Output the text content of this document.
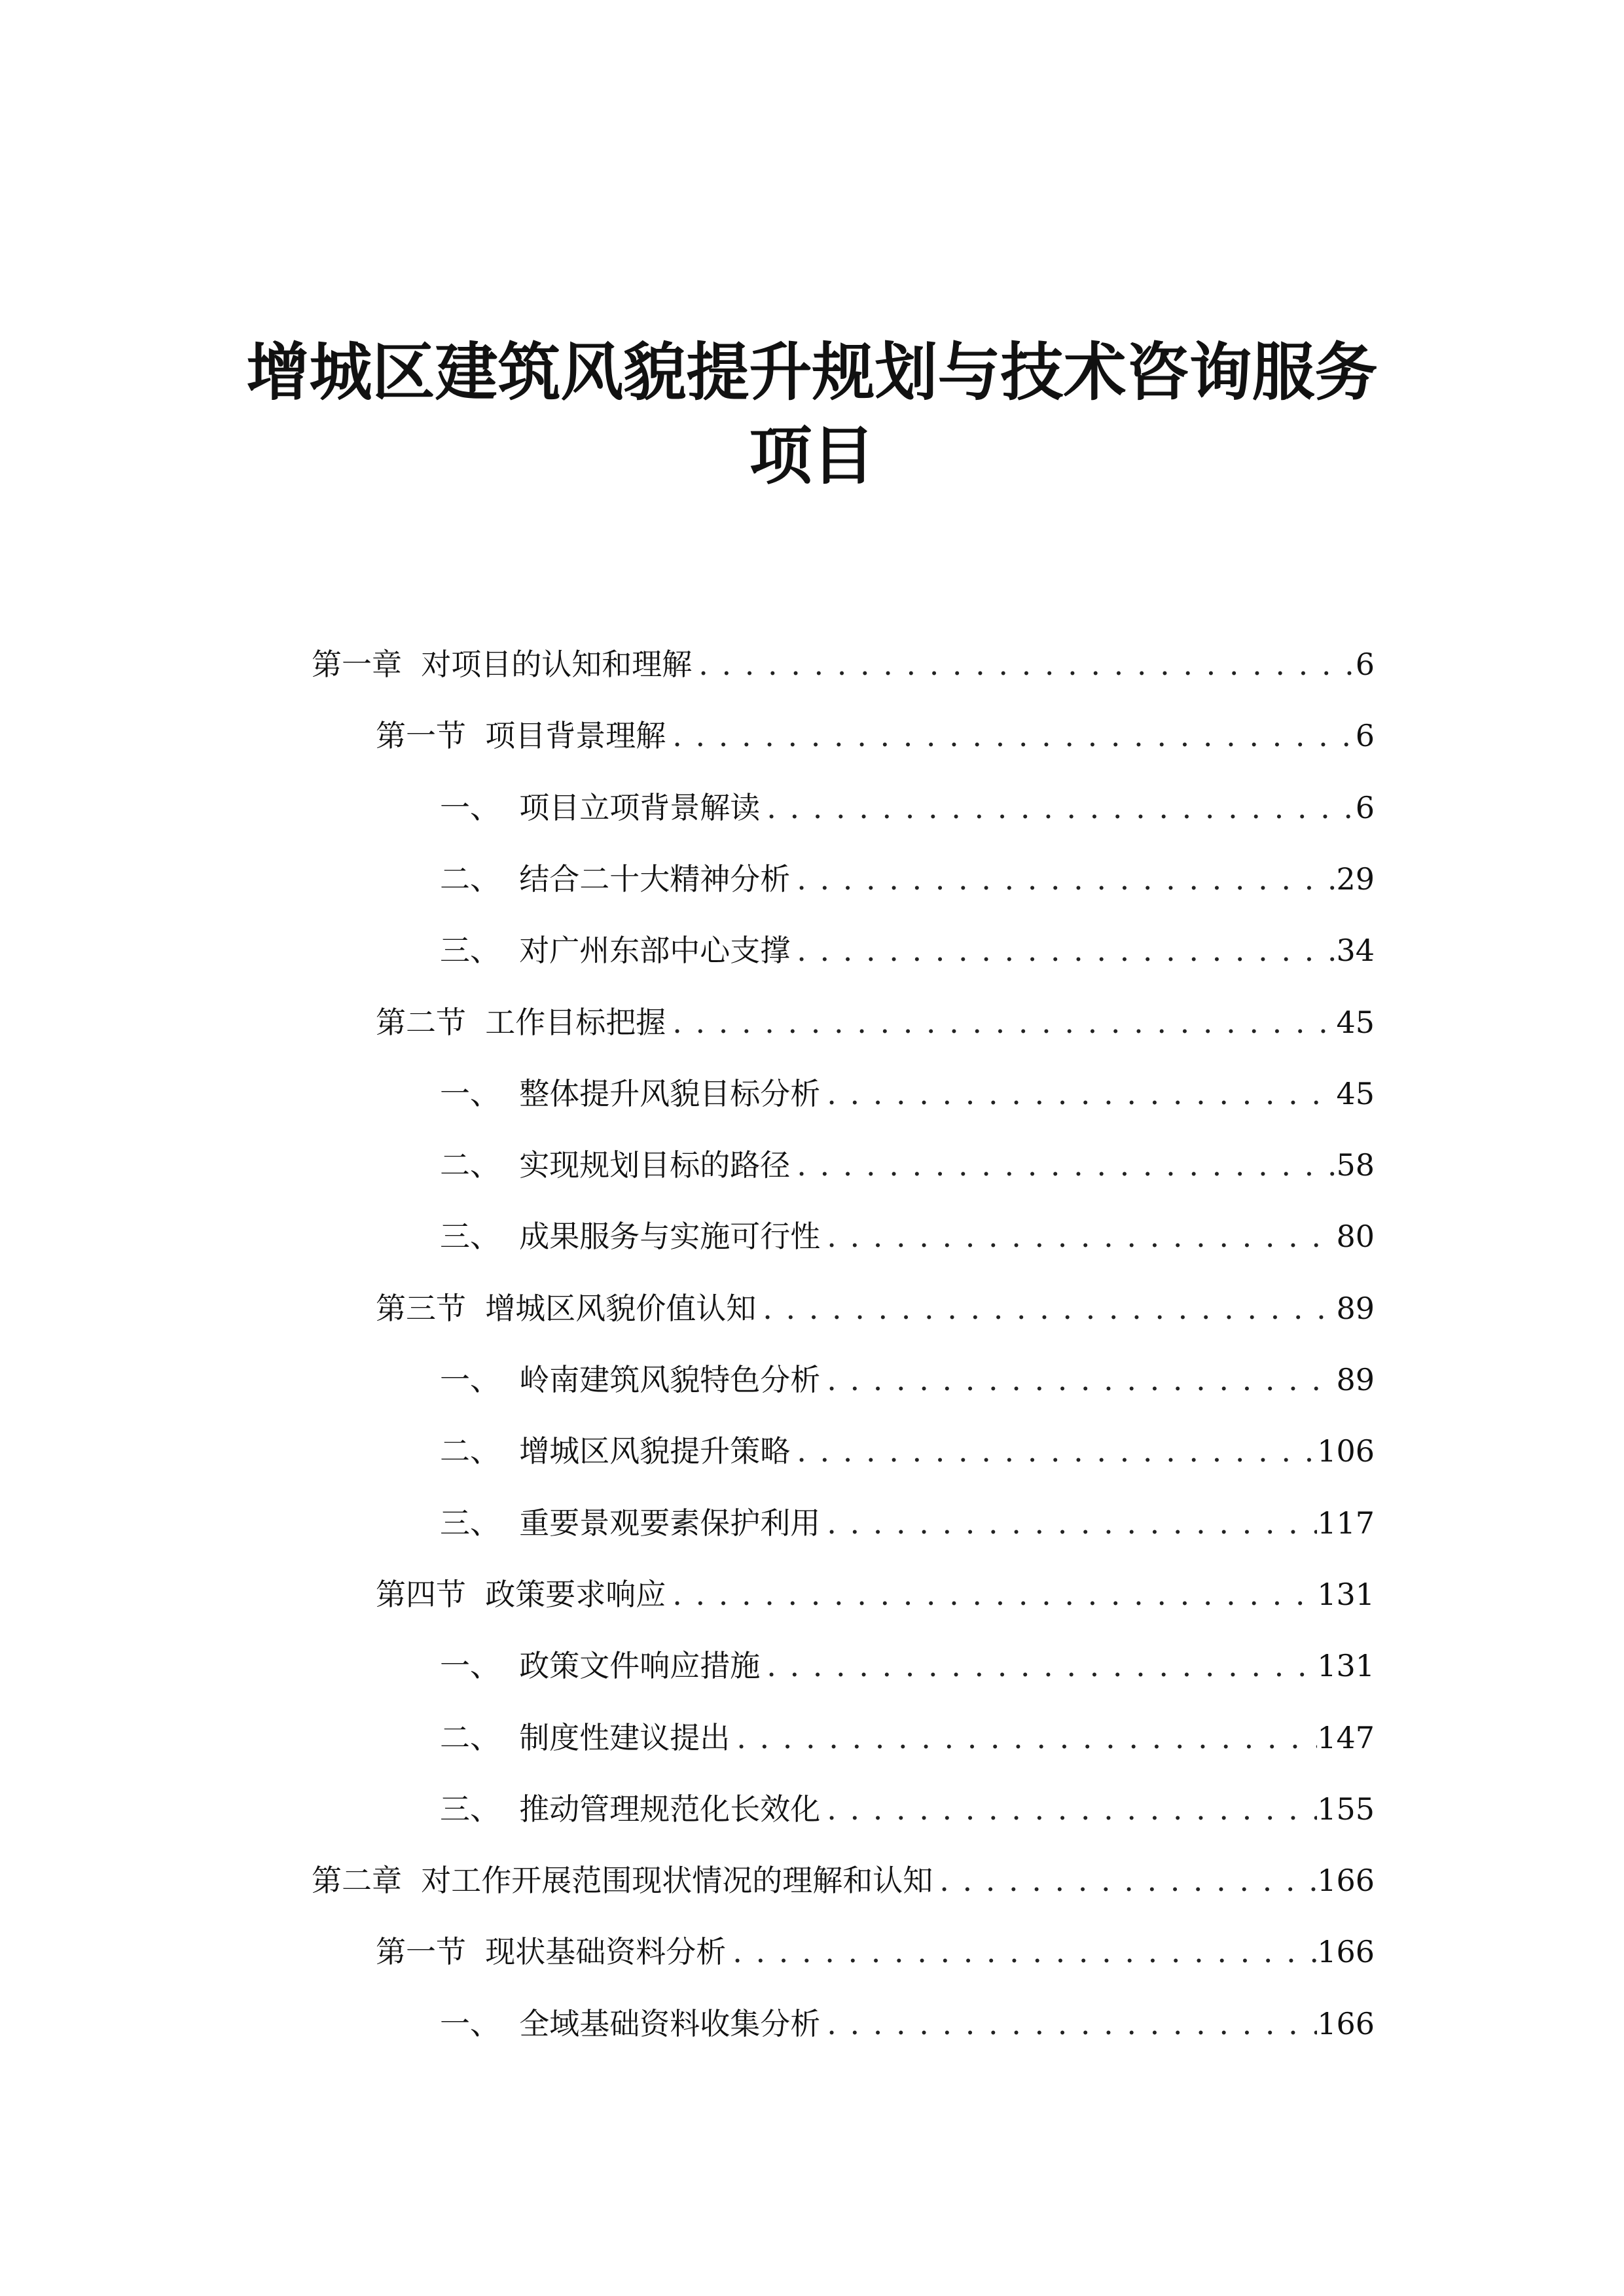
增城区建筑风貌提升规划与技术咨询服务
项目
第一章  对项目的认知和理解 . . .	6
第一节  项目背景理解 . . .	6
一、  项目立项背景解读 . . .	6
二、  结合二十大精神分析 . . .	29
三、  对广州东部中心支撑 . . .	34
第二节  工作目标把握 . . .	45
一、  整体提升风貌目标分析 . . .	45
二、  实现规划目标的路径 . . .	58
三、  成果服务与实施可行性 . . .	80
第三节  增城区风貌价值认知 . . .	89
一、  岭南建筑风貌特色分析 . . .	89
二、  增城区风貌提升策略 . . .	106
三、  重要景观要素保护利用 . . .	117
第四节  政策要求响应 . . .	131
一、  政策文件响应措施 . . .	131
二、  制度性建议提出 . . .	147
三、  推动管理规范化长效化 . . .	155
第二章  对工作开展范围现状情况的理解和认知 . . .	166
第一节  现状基础资料分析 . . .	166
一、  全域基础资料收集分析 . . .	166
